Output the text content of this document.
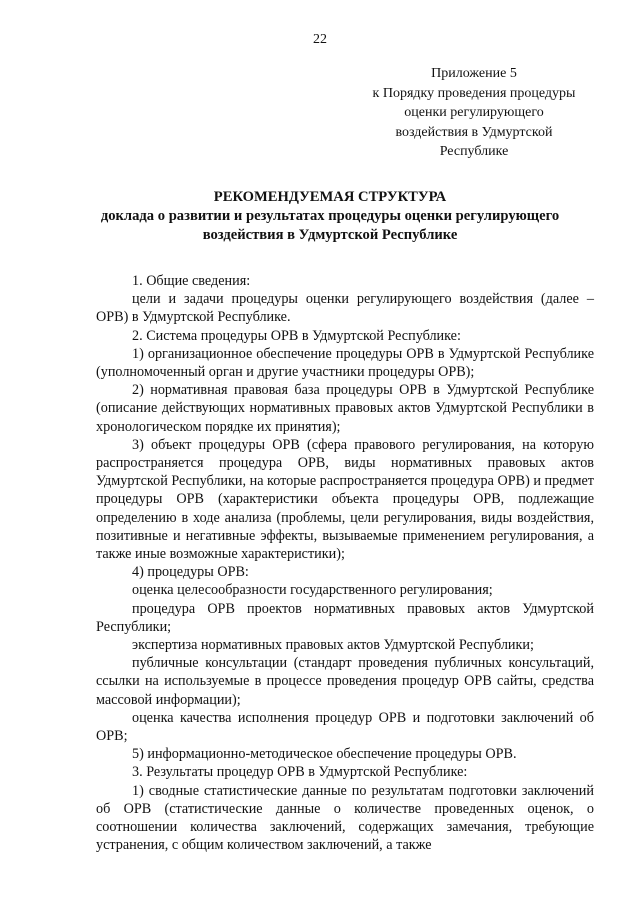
22
Приложение 5
к Порядку проведения процедуры
оценки регулирующего
воздействия в Удмуртской
Республике
РЕКОМЕНДУЕМАЯ СТРУКТУРА
доклада о развитии и результатах процедуры оценки регулирующего
воздействия в Удмуртской Республике

1. Общие сведения:

цели и задачи процедуры оценки регулирующего воздействия (далее – ОРВ) в Удмуртской Республике.

2. Система процедуры ОРВ в Удмуртской Республике:

1) организационное обеспечение процедуры ОРВ в Удмуртской Республике (уполномоченный орган и другие участники процедуры ОРВ);

2) нормативная правовая база процедуры ОРВ в Удмуртской Республике (описание действующих нормативных правовых актов Удмуртской Республики в хронологическом порядке их принятия);

3) объект процедуры ОРВ (сфера правового регулирования, на которую распространяется процедура ОРВ, виды нормативных правовых актов Удмуртской Республики, на которые распространяется процедура ОРВ) и предмет процедуры ОРВ (характеристики объекта процедуры ОРВ, подлежащие определению в ходе анализа (проблемы, цели регулирования, виды воздействия, позитивные и негативные эффекты, вызываемые применением регулирования, а также иные возможные характеристики);

4) процедуры ОРВ:

оценка целесообразности государственного регулирования;

процедура ОРВ проектов нормативных правовых актов Удмуртской Республики;

экспертиза нормативных правовых актов Удмуртской Республики;

публичные консультации (стандарт проведения публичных консультаций, ссылки на используемые в процессе проведения процедур ОРВ сайты, средства массовой информации);

оценка качества исполнения процедур ОРВ и подготовки заключений об ОРВ;

5) информационно-методическое обеспечение процедуры ОРВ.

3. Результаты процедур ОРВ в Удмуртской Республике:

1) сводные статистические данные по результатам подготовки заключений об ОРВ (статистические данные о количестве проведенных оценок, о соотношении количества заключений, содержащих замечания, требующие устранения, с общим количеством заключений, а также
